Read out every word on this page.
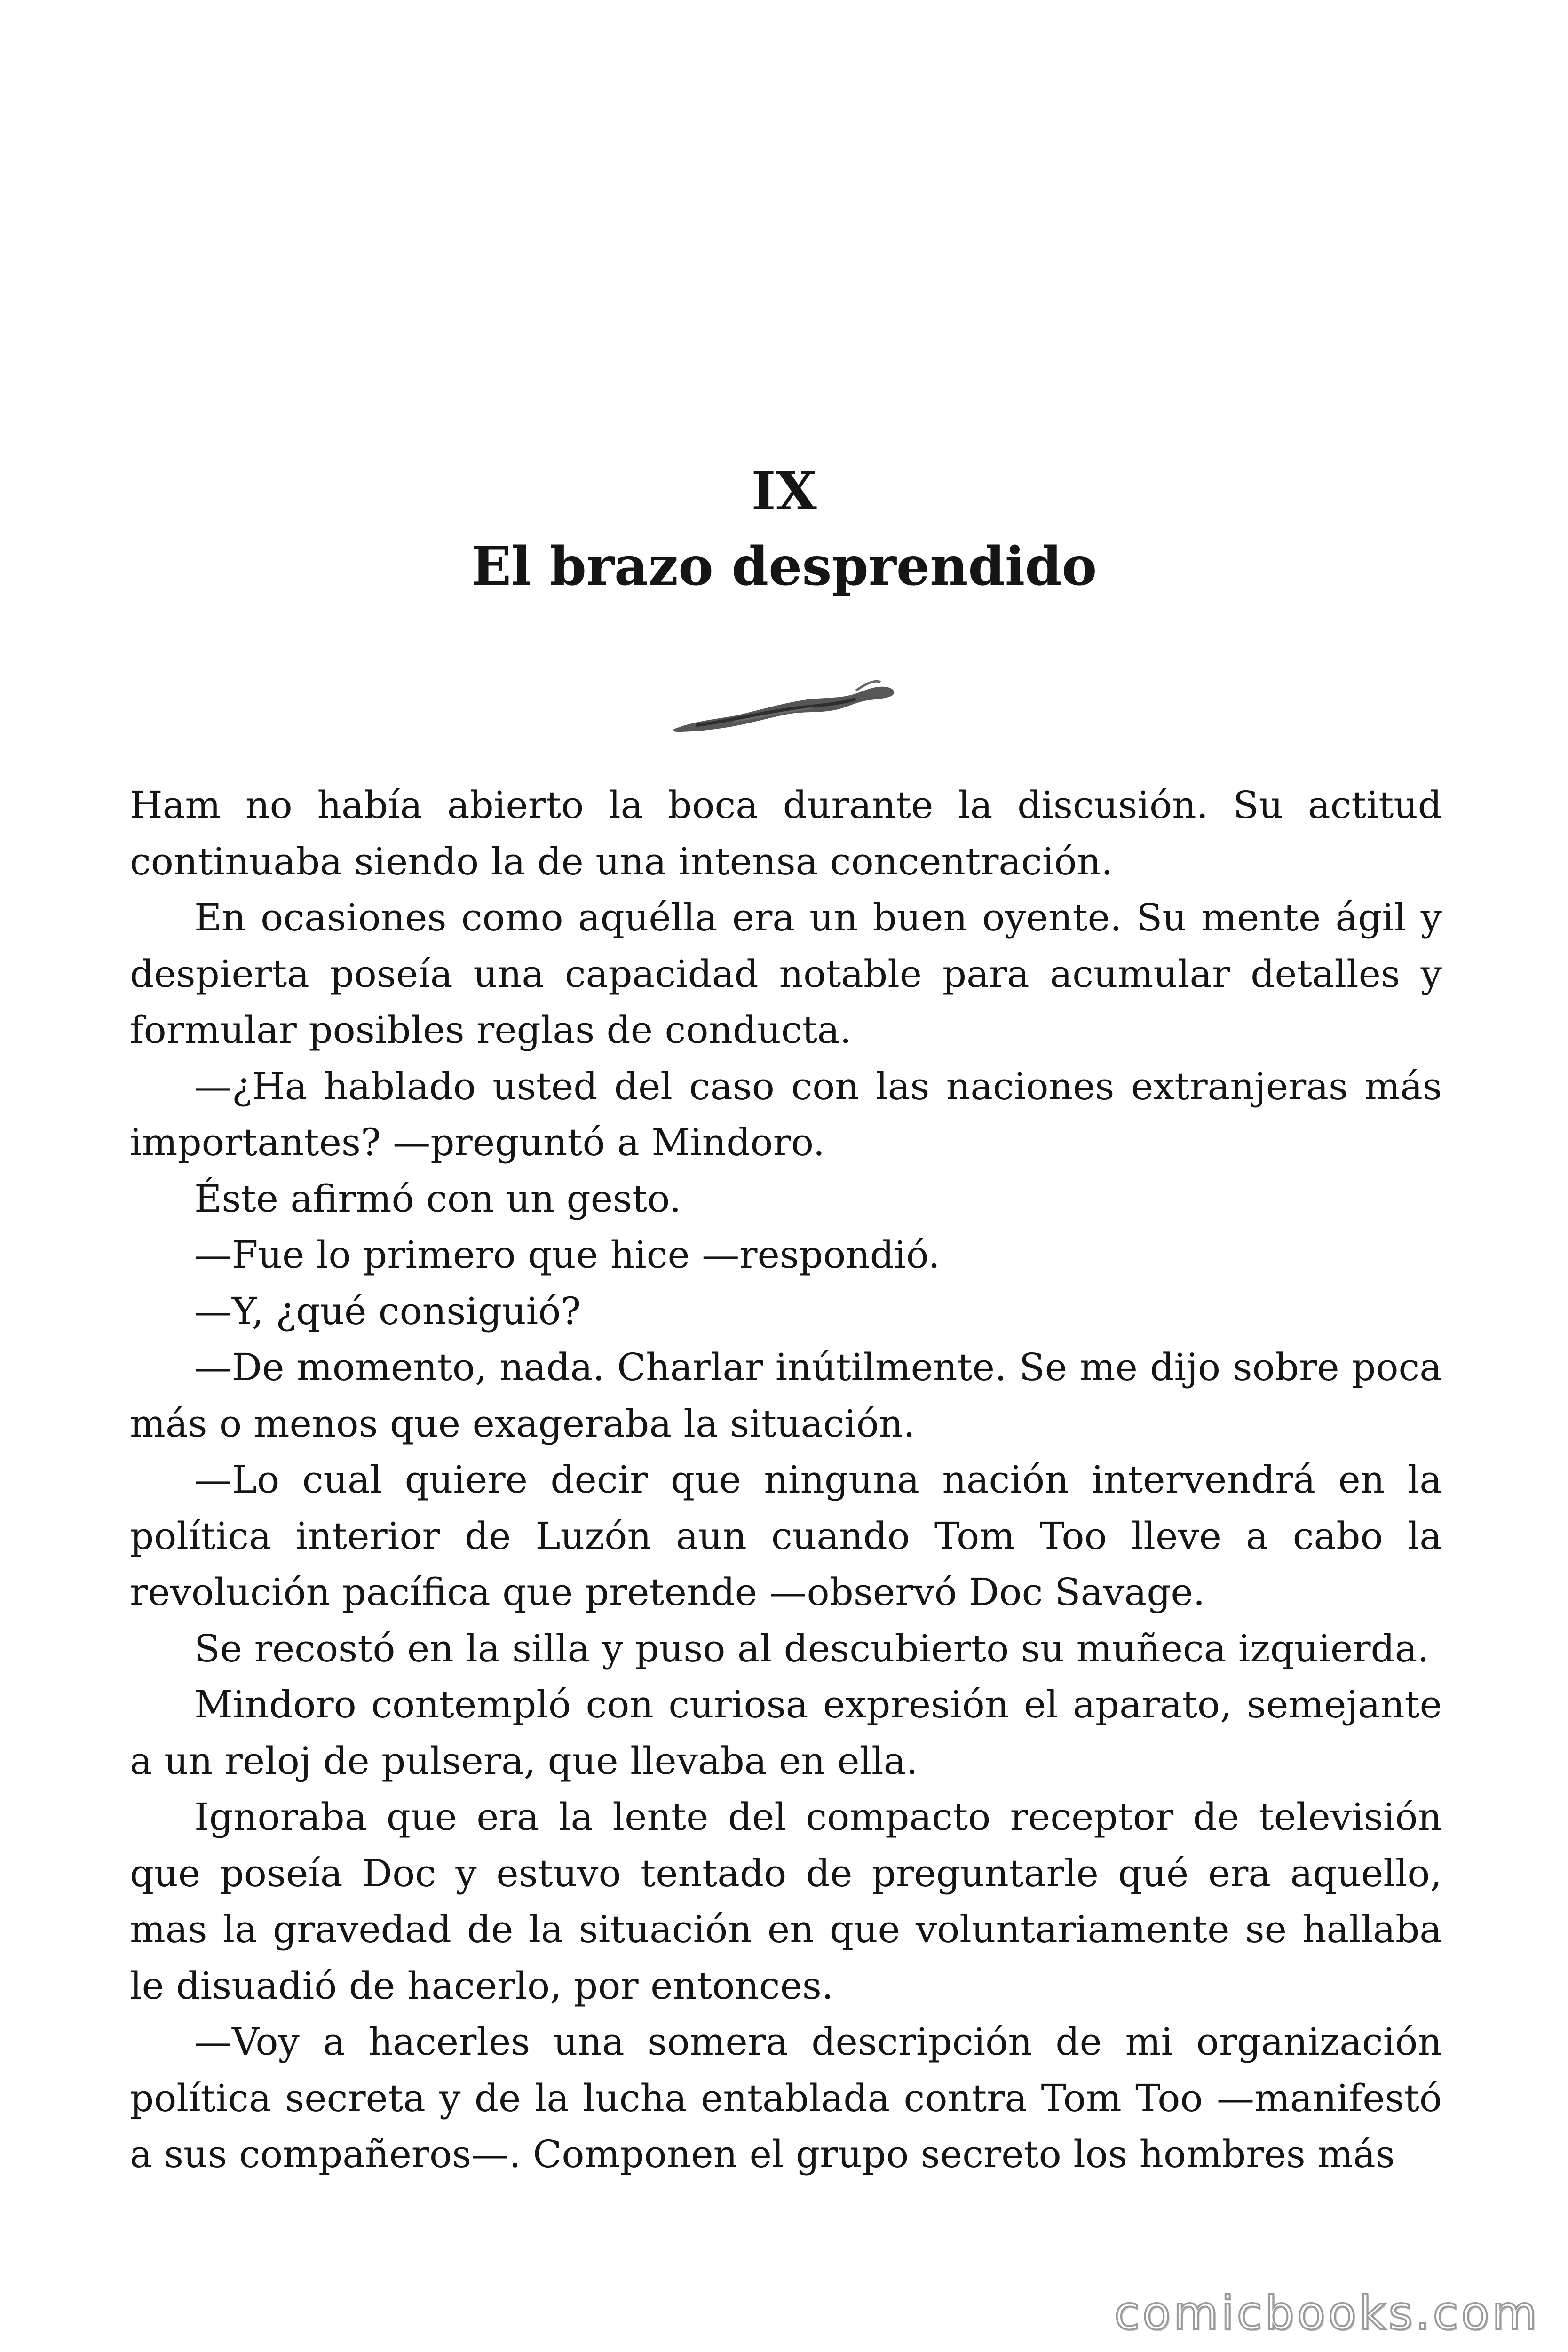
IX
El brazo desprendido

Ham no había abierto la boca durante la discusión. Su actitud continuaba siendo la de una intensa concentración.

En ocasiones como aquélla era un buen oyente. Su mente ágil y despierta poseía una capacidad notable para acumular detalles y formular posibles reglas de conducta.

—¿Ha hablado usted del caso con las naciones extranjeras más importantes? —preguntó a Mindoro.

Éste afirmó con un gesto.

—Fue lo primero que hice —respondió.

—Y, ¿qué consiguió?

—De momento, nada. Charlar inútilmente. Se me dijo sobre poca más o menos que exageraba la situación.

—Lo cual quiere decir que ninguna nación intervendrá en la política interior de Luzón aun cuando Tom Too lleve a cabo la revolución pacífica que pretende —observó Doc Savage.

Se recostó en la silla y puso al descubierto su muñeca izquierda.

Mindoro contempló con curiosa expresión el aparato, semejante a un reloj de pulsera, que llevaba en ella.

Ignoraba que era la lente del compacto receptor de televisión que poseía Doc y estuvo tentado de preguntarle qué era aquello, mas la gravedad de la situación en que voluntariamente se hallaba le disuadió de hacerlo, por entonces.

—Voy a hacerles una somera descripción de mi organización política secreta y de la lucha entablada contra Tom Too —manifestó a sus compañeros—. Componen el grupo secreto los hombres más

comicbooks.com
